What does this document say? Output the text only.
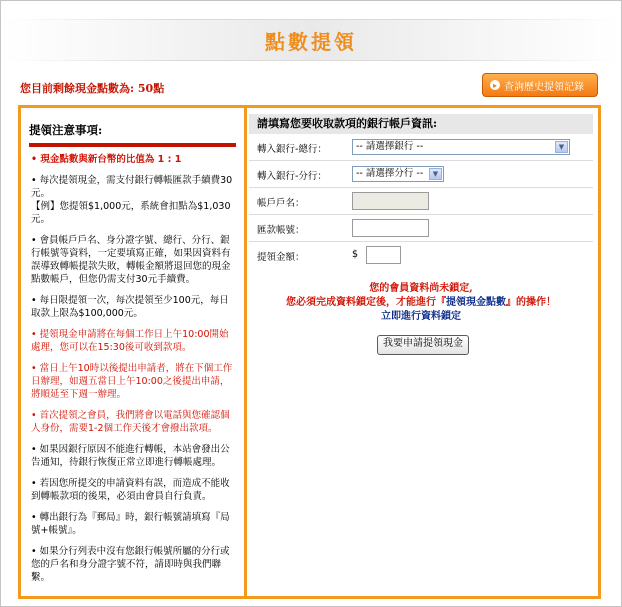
點數提領
您目前剩餘現金點數為: 50點	▸ 查詢歷史提領記錄
提領注意事項:
• 現金點數與新台幣的比值為 1 : 1
• 每次提領現金，需支付銀行轉帳匯款手續費30元。
【例】您提領$1,000元，系統會扣點為$1,030元。
• 會員帳戶戶名、身分證字號、總行、分行、銀行帳號等資料，一定要填寫正確，如果因資料有誤導致轉帳提款失敗，轉帳金額將退回您的現金點數帳戶，但您仍需支付30元手續費。
• 每日限提領一次，每次提領至少100元，每日取款上限為$100,000元。
• 提領現金申請將在每個工作日上午10:00開始處理，您可以在15:30後可收到款項。
• 當日上午10時以後提出申請者，將在下個工作日辦理，如週五當日上午10:00之後提出申請，將順延至下週一辦理。
• 首次提領之會員，我們將會以電話與您確認個人身份，需要1-2個工作天後才會撥出款項。
• 如果因銀行原因不能進行轉帳，本站會發出公告通知，待銀行恢復正常立即進行轉帳處理。
• 若因您所提交的申請資料有誤，而造成不能收到轉帳款項的後果，必須由會員自行負責。
• 轉出銀行為『郵局』時，銀行帳號請填寫『局號+帳號』。
• 如果分行列表中沒有您銀行帳號所屬的分行或您的戶名和身分證字號不符，請即時與我們聯繫。
請填寫您要收取款項的銀行帳戶資訊:
轉入銀行-總行：	-- 請選擇銀行 --	▼
轉入銀行-分行：	-- 請選擇分行 --	▼
帳戶戶名：
匯款帳號：
提領金額：	$
您的會員資料尚未鎖定,
您必須完成資料鎖定後，才能進行『提領現金點數』的操作！
立即進行資料鎖定
我要申請提領現金
